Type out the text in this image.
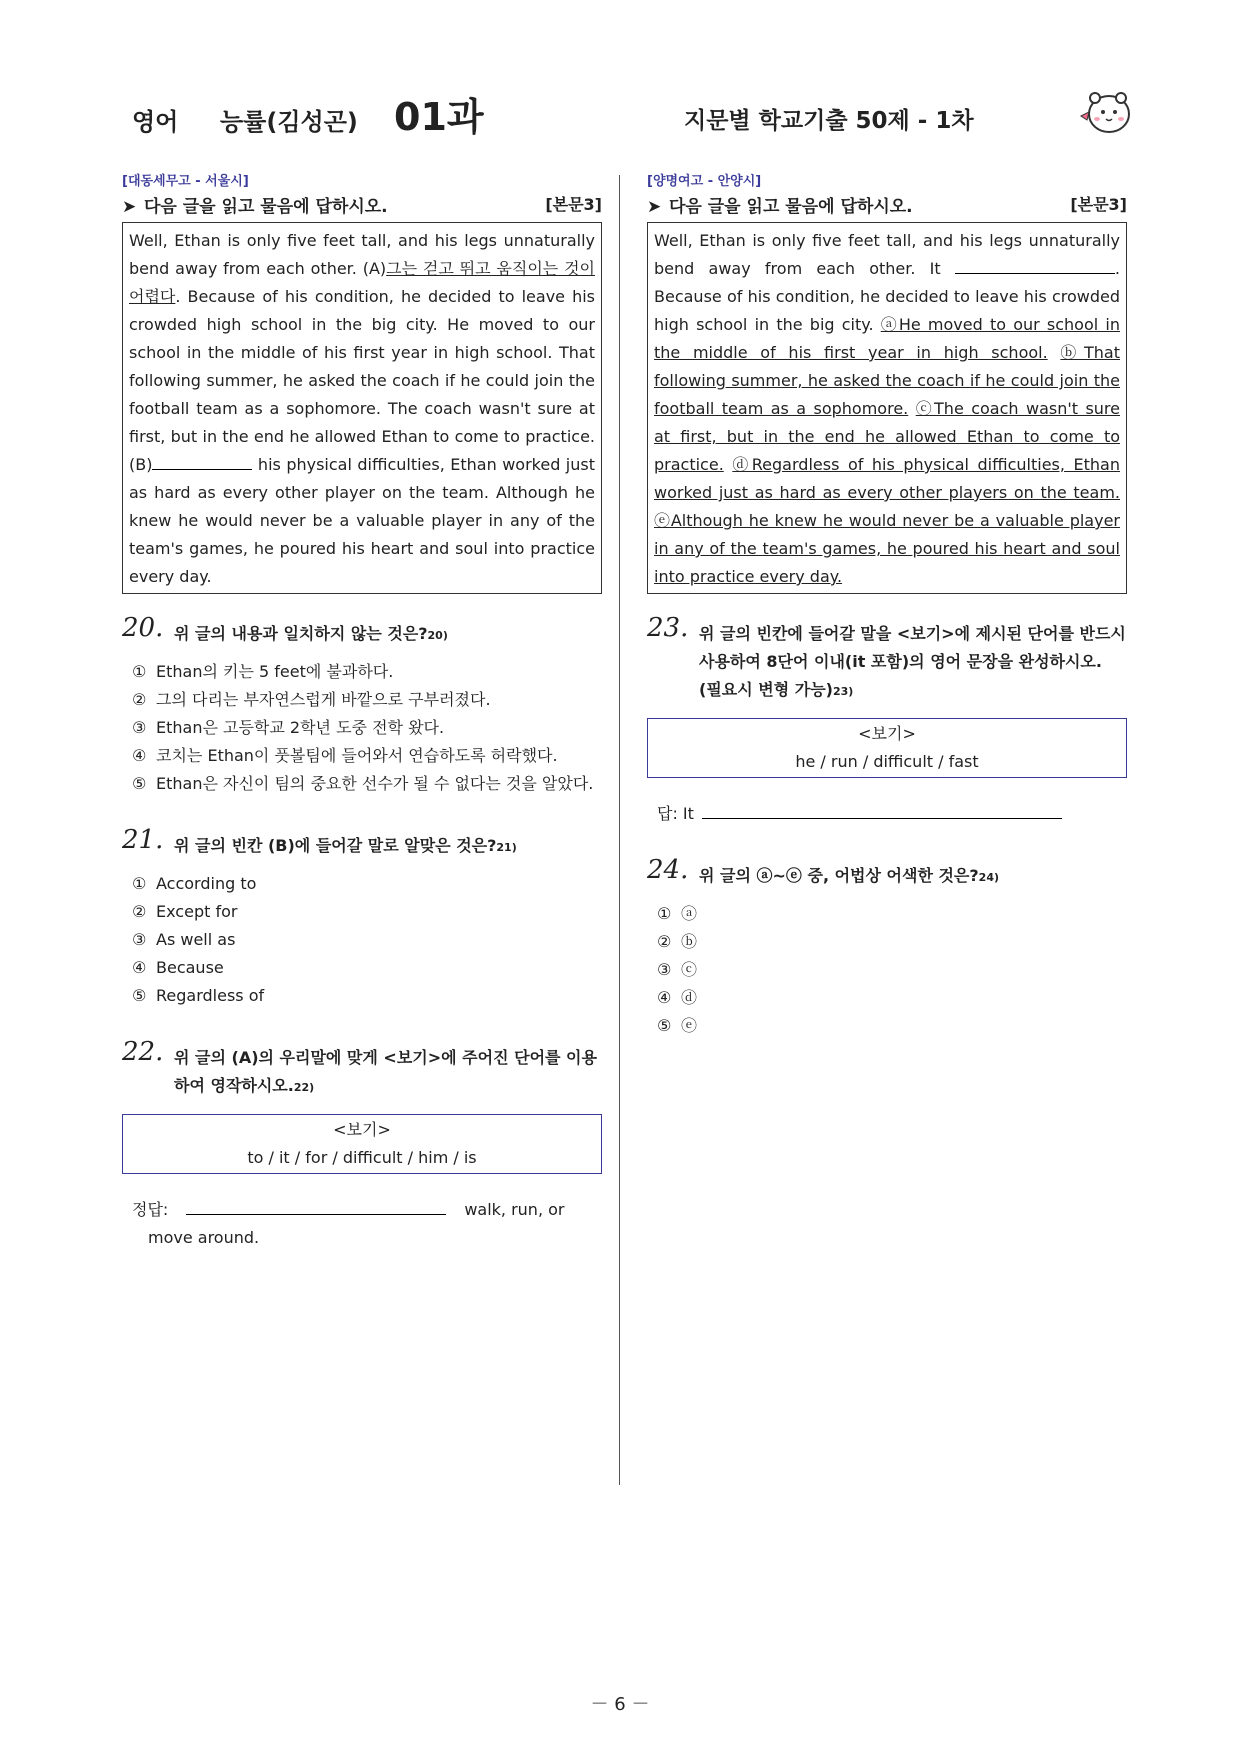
영어 능률(김성곤) 01과	지문별 학교기출 50제 - 1차
[대동세무고 - 서울시]
➤ 다음 글을 읽고 물음에 답하시오.	[본문3]
Well, Ethan is only five feet tall, and his legs unnaturally bend away from each other. (A)그는 걷고 뛰고 움직이는 것이 어렵다. Because of his condition, he decided to leave his crowded high school in the big city. He moved to our school in the middle of his first year in high school. That following summer, he asked the coach if he could join the football team as a sophomore. The coach wasn't sure at first, but in the end he allowed Ethan to come to practice. (B)	his physical difficulties, Ethan worked just as hard as every other player on the team. Although he knew he would never be a valuable player in any of the team's games, he poured his heart and soul into practice every day.
20. 위 글의 내용과 일치하지 않는 것은?20)
① Ethan의 키는 5 feet에 불과하다.
② 그의 다리는 부자연스럽게 바깥으로 구부러졌다.
③ Ethan은 고등학교 2학년 도중 전학 왔다.
④ 코치는 Ethan이 풋볼팀에 들어와서 연습하도록 허락했다.
⑤ Ethan은 자신이 팀의 중요한 선수가 될 수 없다는 것을 알았다.
21. 위 글의 빈칸 (B)에 들어갈 말로 알맞은 것은?21)
① According to
② Except for
③ As well as
④ Because
⑤ Regardless of
22. 위 글의 (A)의 우리말에 맞게 <보기>에 주어진 단어를 이용하여 영작하시오.22)
<보기>
to / it / for / difficult / him / is
정답:	walk, run, or
move around.
[양명여고 - 안양시]
➤ 다음 글을 읽고 물음에 답하시오.	[본문3]
Well, Ethan is only five feet tall, and his legs unnaturally bend away from each other. It	. Because of his condition, he decided to leave his crowded high school in the big city. ⓐHe moved to our school in the middle of his first year in high school. ⓑThat following summer, he asked the coach if he could join the football team as a sophomore. ⓒThe coach wasn't sure at first, but in the end he allowed Ethan to come to practice. ⓓRegardless of his physical difficulties, Ethan worked just as hard as every other players on the team. ⓔAlthough he knew he would never be a valuable player in any of the team's games, he poured his heart and soul into practice every day.
23. 위 글의 빈칸에 들어갈 말을 <보기>에 제시된 단어를 반드시 사용하여 8단어 이내(it 포함)의 영어 문장을 완성하시오. (필요시 변형 가능)23)
<보기>
he / run / difficult / fast
답: It
24. 위 글의 ⓐ~ⓔ 중, 어법상 어색한 것은?24)
① ⓐ
② ⓑ
③ ⓒ
④ ⓓ
⑤ ⓔ
－ 6 －
